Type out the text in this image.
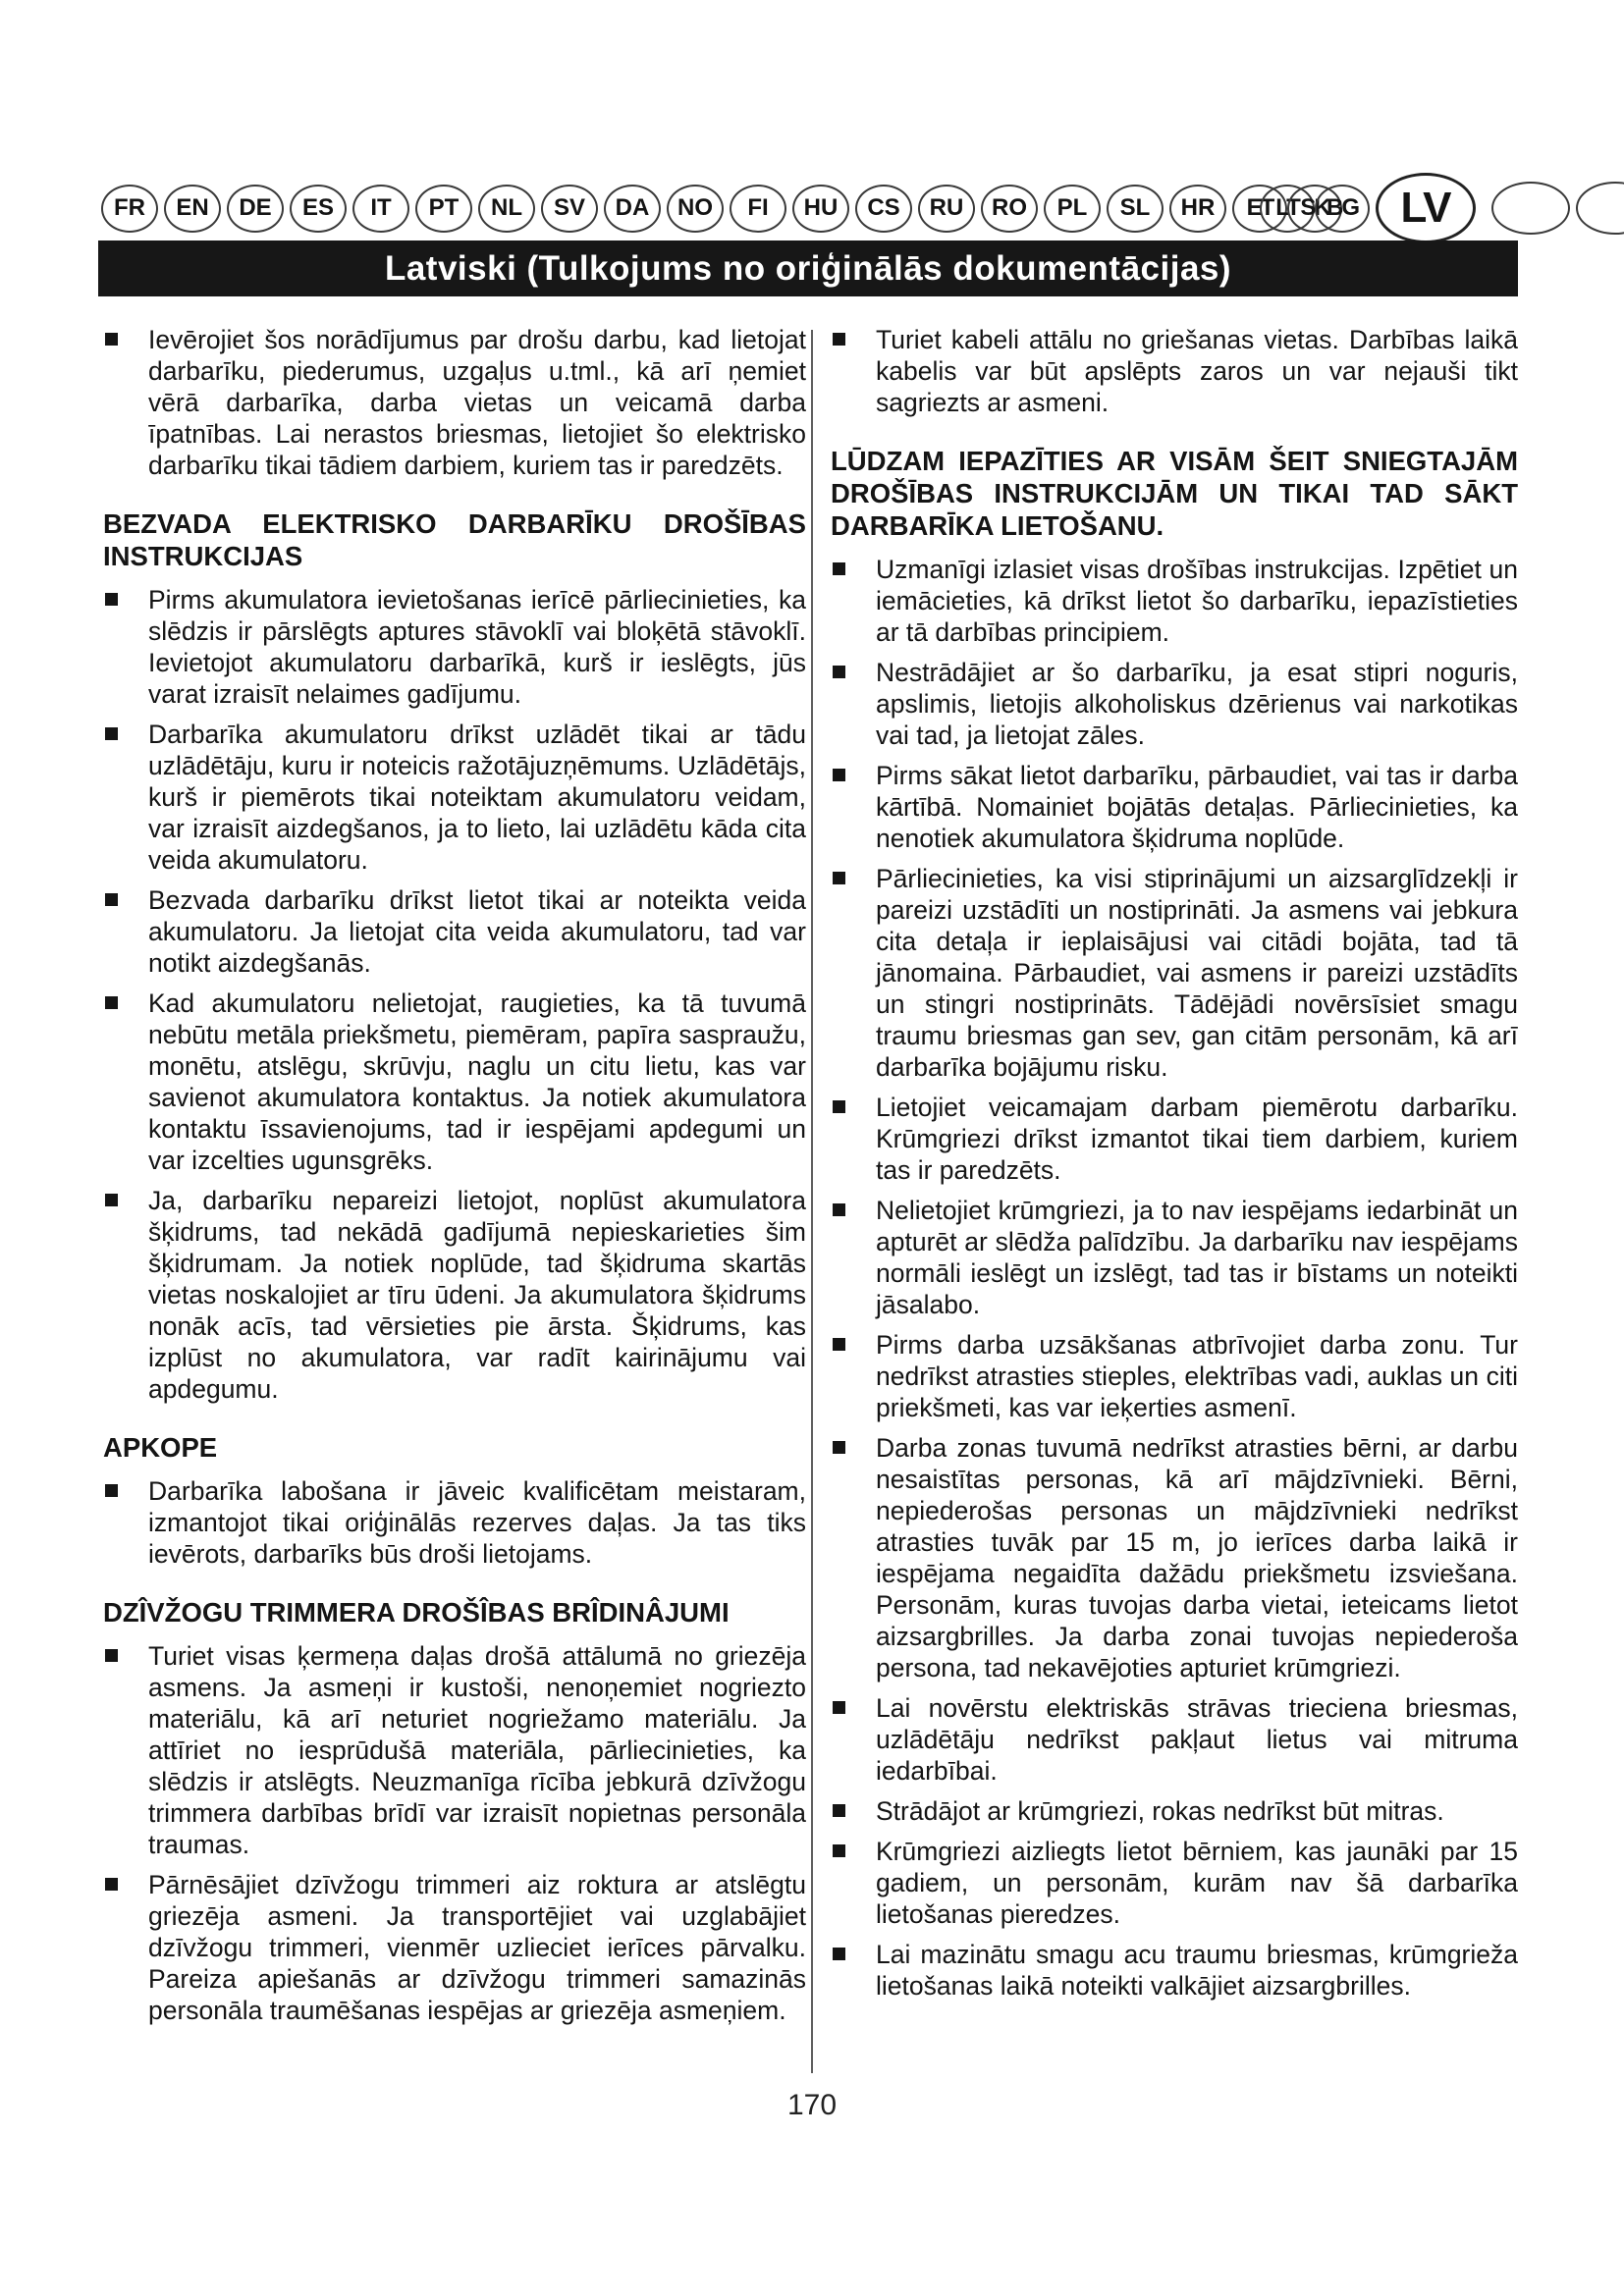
FR	EN	DE	ES	IT	PT	NL	SV	DA	NO	FI	HU	CS	RU	RO	PL	SL	HR	ET LT SK
BG LV
Latviski (Tulkojums no oriģinālās dokumentācijas)
Ievērojiet šos norādījumus par drošu darbu, kad lietojat darbarīku, piederumus, uzgaļus u.tml., kā arī ņemiet vērā darbarīka, darba vietas un veicamā darba īpatnības. Lai nerastos briesmas, lietojiet šo elektrisko darbarīku tikai tādiem darbiem, kuriem tas ir paredzēts.
BEZVADA ELEKTRISKO DARBARĪKU DROŠĪBAS INSTRUKCIJAS
Pirms akumulatora ievietošanas ierīcē pārliecinieties, ka slēdzis ir pārslēgts aptures stāvoklī vai bloķētā stāvoklī. Ievietojot akumulatoru darbarīkā, kurš ir ieslēgts, jūs varat izraisīt nelaimes gadījumu.
Darbarīka akumulatoru drīkst uzlādēt tikai ar tādu uzlādētāju, kuru ir noteicis ražotājuzņēmums. Uzlādētājs, kurš ir piemērots tikai noteiktam akumulatoru veidam, var izraisīt aizdegšanos, ja to lieto, lai uzlādētu kāda cita veida akumulatoru.
Bezvada darbarīku drīkst lietot tikai ar noteikta veida akumulatoru. Ja lietojat cita veida akumulatoru, tad var notikt aizdegšanās.
Kad akumulatoru nelietojat, raugieties, ka tā tuvumā nebūtu metāla priekšmetu, piemēram, papīra saspraužu, monētu, atslēgu, skrūvju, naglu un citu lietu, kas var savienot akumulatora kontaktus. Ja notiek akumulatora kontaktu īssavienojums, tad ir iespējami apdegumi un var izcelties ugunsgrēks.
Ja, darbarīku nepareizi lietojot, noplūst akumulatora šķidrums, tad nekādā gadījumā nepieskarieties šim šķidrumam. Ja notiek noplūde, tad šķidruma skartās vietas noskalojiet ar tīru ūdeni. Ja akumulatora šķidrums nonāk acīs, tad vērsieties pie ārsta. Šķidrums, kas izplūst no akumulatora, var radīt kairinājumu vai apdegumu.
APKOPE
Darbarīka labošana ir jāveic kvalificētam meistaram, izmantojot tikai oriģinālās rezerves daļas. Ja tas tiks ievērots, darbarīks būs droši lietojams.
DZÎVŽOGU TRIMMERA DROŠÎBAS BRÎDINÂJUMI
Turiet visas ķermeņa daļas drošā attālumā no griezēja asmens. Ja asmeņi ir kustoši, nenoņemiet nogriezto materiālu, kā arī neturiet nogriežamo materiālu. Ja attīriet no iesprūdušā materiāla, pārliecinieties, ka slēdzis ir atslēgts. Neuzmanīga rīcība jebkurā dzīvžogu trimmera darbības brīdī var izraisīt nopietnas personāla traumas.
Pārnēsājiet dzīvžogu trimmeri aiz roktura ar atslēgtu griezēja asmeni. Ja transportējiet vai uzglabājiet dzīvžogu trimmeri, vienmēr uzlieciet ierīces pārvalku. Pareiza apiešanās ar dzīvžogu trimmeri samazinās personāla traumēšanas iespējas ar griezēja asmeņiem.
Turiet kabeli attālu no griešanas vietas. Darbības laikā kabelis var būt apslēpts zaros un var nejauši tikt sagriezts ar asmeni.
LŪDZAM IEPAZĪTIES AR VISĀM ŠEIT SNIEGTAJĀM DROŠĪBAS INSTRUKCIJĀM UN TIKAI TAD SĀKT DARBARĪKA LIETOŠANU.
Uzmanīgi izlasiet visas drošības instrukcijas. Izpētiet un iemācieties, kā drīkst lietot šo darbarīku, iepazīstieties ar tā darbības principiem.
Nestrādājiet ar šo darbarīku, ja esat stipri noguris, apslimis, lietojis alkoholiskus dzērienus vai narkotikas vai tad, ja lietojat zāles.
Pirms sākat lietot darbarīku, pārbaudiet, vai tas ir darba kārtībā. Nomainiet bojātās detaļas. Pārliecinieties, ka nenotiek akumulatora šķidruma noplūde.
Pārliecinieties, ka visi stiprinājumi un aizsarglīdzekļi ir pareizi uzstādīti un nostiprināti. Ja asmens vai jebkura cita detaļa ir ieplaisājusi vai citādi bojāta, tad tā jānomaina. Pārbaudiet, vai asmens ir pareizi uzstādīts un stingri nostiprināts. Tādējādi novērsīsiet smagu traumu briesmas gan sev, gan citām personām, kā arī darbarīka bojājumu risku.
Lietojiet veicamajam darbam piemērotu darbarīku. Krūmgriezi drīkst izmantot tikai tiem darbiem, kuriem tas ir paredzēts.
Nelietojiet krūmgriezi, ja to nav iespējams iedarbināt un apturēt ar slēdža palīdzību. Ja darbarīku nav iespējams normāli ieslēgt un izslēgt, tad tas ir bīstams un noteikti jāsalabo.
Pirms darba uzsākšanas atbrīvojiet darba zonu. Tur nedrīkst atrasties stieples, elektrības vadi, auklas un citi priekšmeti, kas var ieķerties asmenī.
Darba zonas tuvumā nedrīkst atrasties bērni, ar darbu nesaistītas personas, kā arī mājdzīvnieki. Bērni, nepiederošas personas un mājdzīvnieki nedrīkst atrasties tuvāk par 15 m, jo ierīces darba laikā ir iespējama negaidīta dažādu priekšmetu izsviešana. Personām, kuras tuvojas darba vietai, ieteicams lietot aizsargbrilles. Ja darba zonai tuvojas nepiederoša persona, tad nekavējoties apturiet krūmgriezi.
Lai novērstu elektriskās strāvas trieciena briesmas, uzlādētāju nedrīkst pakļaut lietus vai mitruma iedarbībai.
Strādājot ar krūmgriezi, rokas nedrīkst būt mitras.
Krūmgriezi aizliegts lietot bērniem, kas jaunāki par 15 gadiem, un personām, kurām nav šā darbarīka lietošanas pieredzes.
Lai mazinātu smagu acu traumu briesmas, krūmgrieža lietošanas laikā noteikti valkājiet aizsargbrilles.
170
